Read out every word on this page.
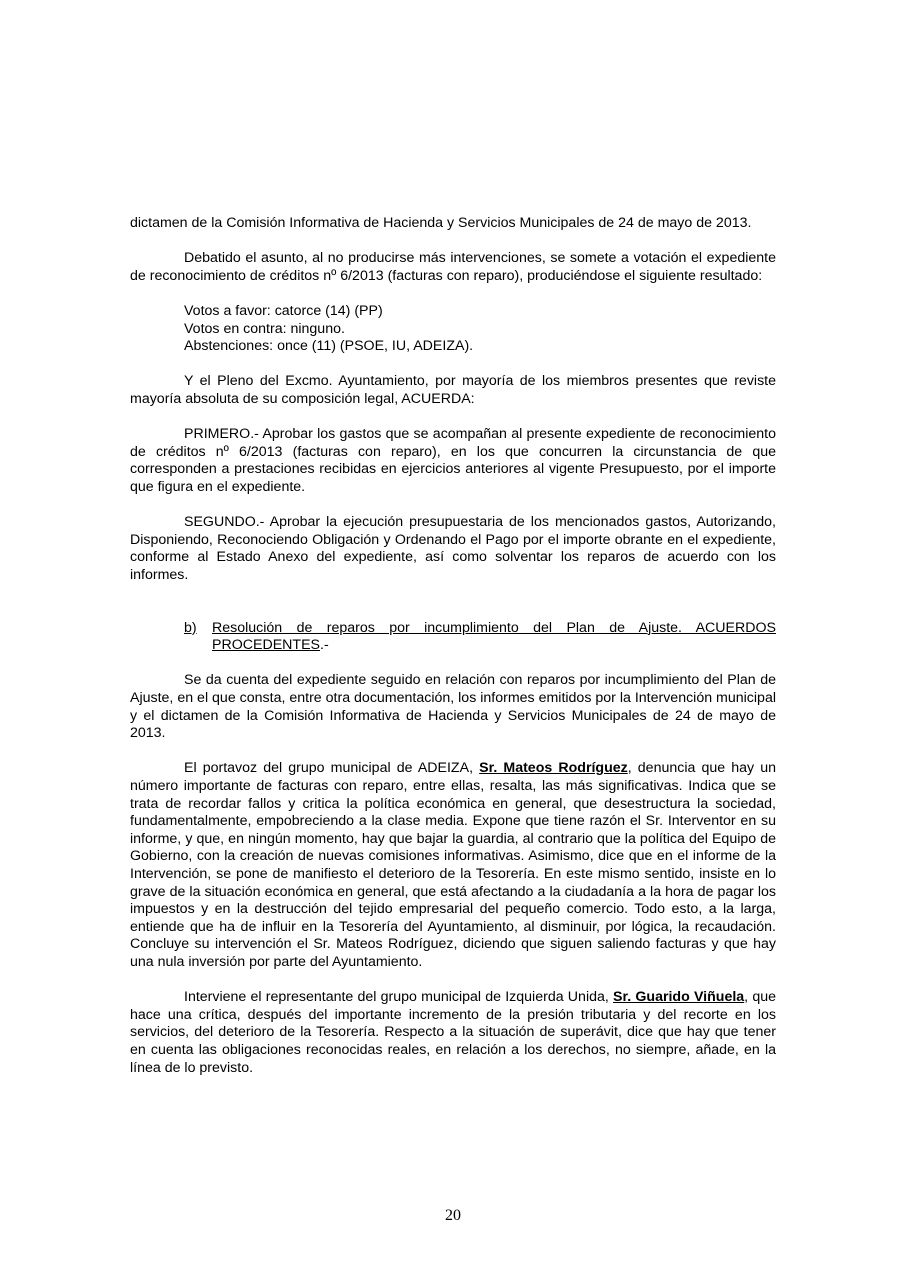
dictamen de la Comisión Informativa de Hacienda y Servicios Municipales de 24 de mayo de 2013.

Debatido el asunto, al no producirse más intervenciones, se somete a votación el expediente de reconocimiento de créditos nº 6/2013 (facturas con reparo), produciéndose el siguiente resultado:

Votos a favor: catorce (14) (PP)
Votos en contra: ninguno.
Abstenciones: once (11) (PSOE, IU, ADEIZA).

Y el Pleno del Excmo. Ayuntamiento, por mayoría de los miembros presentes que reviste mayoría absoluta de su composición legal, ACUERDA:

PRIMERO.- Aprobar los gastos que se acompañan al presente expediente de reconocimiento de créditos nº 6/2013 (facturas con reparo), en los que concurren la circunstancia de que corresponden a prestaciones recibidas en ejercicios anteriores al vigente Presupuesto, por el importe que figura en el expediente.

SEGUNDO.- Aprobar la ejecución presupuestaria de los mencionados gastos, Autorizando, Disponiendo, Reconociendo Obligación y Ordenando el Pago por el importe obrante en el expediente, conforme al Estado Anexo del expediente, así como solventar los reparos de acuerdo con los informes.

b) Resolución de reparos por incumplimiento del Plan de Ajuste. ACUERDOS PROCEDENTES.-

Se da cuenta del expediente seguido en relación con reparos por incumplimiento del Plan de Ajuste, en el que consta, entre otra documentación, los informes emitidos por la Intervención municipal y el dictamen de la Comisión Informativa de Hacienda y Servicios Municipales de 24 de mayo de 2013.

El portavoz del grupo municipal de ADEIZA, Sr. Mateos Rodríguez, denuncia que hay un número importante de facturas con reparo, entre ellas, resalta, las más significativas. Indica que se trata de recordar fallos y critica la política económica en general, que desestructura la sociedad, fundamentalmente, empobreciendo a la clase media. Expone que tiene razón el Sr. Interventor en su informe, y que, en ningún momento, hay que bajar la guardia, al contrario que la política del Equipo de Gobierno, con la creación de nuevas comisiones informativas. Asimismo, dice que en el informe de la Intervención, se pone de manifiesto el deterioro de la Tesorería. En este mismo sentido, insiste en lo grave de la situación económica en general, que está afectando a la ciudadanía a la hora de pagar los impuestos y en la destrucción del tejido empresarial del pequeño comercio. Todo esto, a la larga, entiende que ha de influir en la Tesorería del Ayuntamiento, al disminuir, por lógica, la recaudación. Concluye su intervención el Sr. Mateos Rodríguez, diciendo que siguen saliendo facturas y que hay una nula inversión por parte del Ayuntamiento.

Interviene el representante del grupo municipal de Izquierda Unida, Sr. Guarido Viñuela, que hace una crítica, después del importante incremento de la presión tributaria y del recorte en los servicios, del deterioro de la Tesorería. Respecto a la situación de superávit, dice que hay que tener en cuenta las obligaciones reconocidas reales, en relación a los derechos, no siempre, añade, en la línea de lo previsto.

20
